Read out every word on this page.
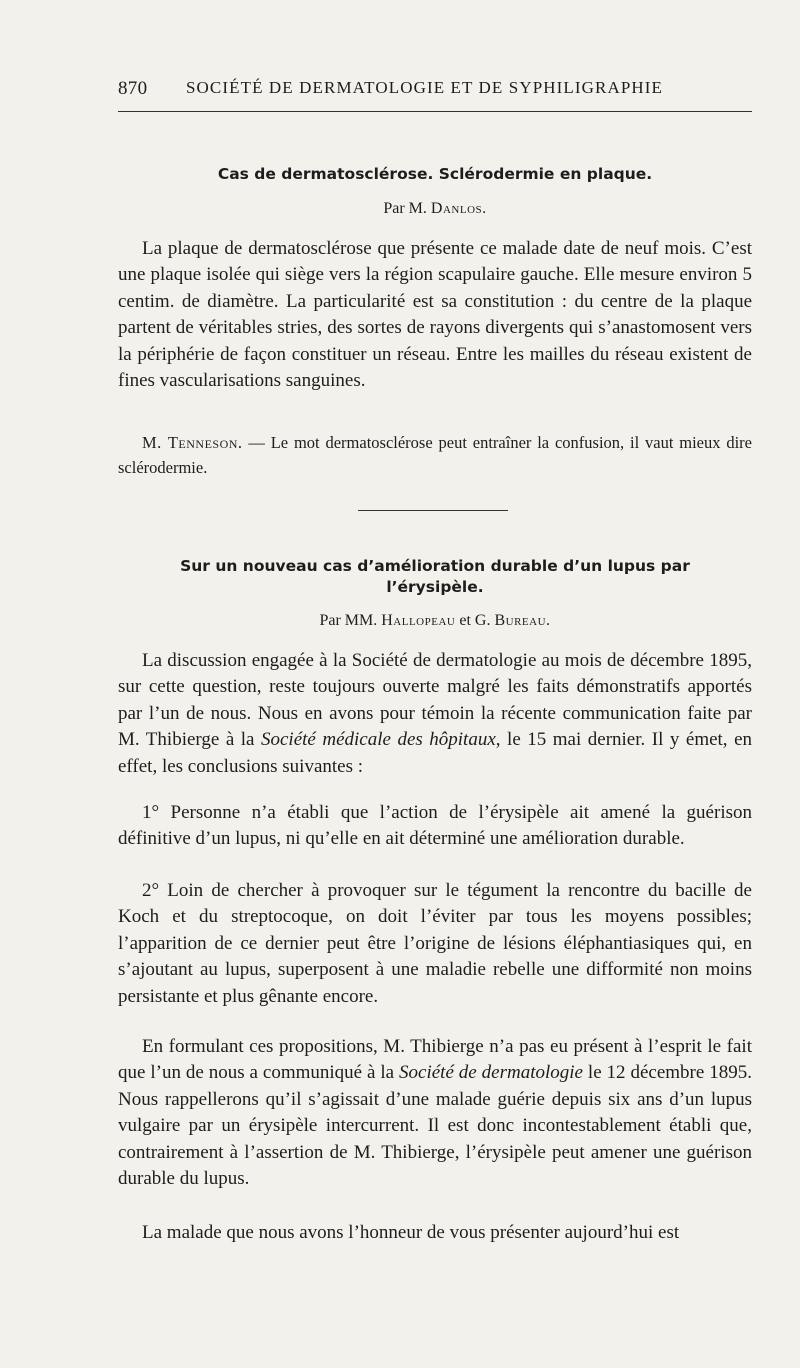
870 SOCIÉTÉ DE DERMATOLOGIE ET DE SYPHILIGRAPHIE
Cas de dermatosclérose. Sclérodermie en plaque.
Par M. Danlos.

La plaque de dermatosclérose que présente ce malade date de neuf mois. C’est une plaque isolée qui siège vers la région scapulaire gauche. Elle mesure environ 5 centim. de diamètre. La particularité est sa constitution : du centre de la plaque partent de véritables stries, des sortes de rayons divergents qui s’anastomosent vers la périphérie de façon constituer un réseau. Entre les mailles du réseau existent de fines vascularisations sanguines.

M. Tenneson. — Le mot dermatosclérose peut entraîner la confusion, il vaut mieux dire sclérodermie.

Sur un nouveau cas d’amélioration durable d’un lupus par
l’érysipèle.
Par MM. Hallopeau et G. Bureau.

La discussion engagée à la Société de dermatologie au mois de décembre 1895, sur cette question, reste toujours ouverte malgré les faits démonstratifs apportés par l’un de nous. Nous en avons pour témoin la récente communication faite par M. Thibierge à la Société médicale des hôpitaux, le 15 mai dernier. Il y émet, en effet, les conclusions suivantes :

1° Personne n’a établi que l’action de l’érysipèle ait amené la guérison définitive d’un lupus, ni qu’elle en ait déterminé une amélioration durable.

2° Loin de chercher à provoquer sur le tégument la rencontre du bacille de Koch et du streptocoque, on doit l’éviter par tous les moyens possibles; l’apparition de ce dernier peut être l’origine de lésions éléphantiasiques qui, en s’ajoutant au lupus, superposent à une maladie rebelle une difformité non moins persistante et plus gênante encore.

En formulant ces propositions, M. Thibierge n’a pas eu présent à l’esprit le fait que l’un de nous a communiqué à la Société de dermatologie le 12 décembre 1895. Nous rappellerons qu’il s’agissait d’une malade guérie depuis six ans d’un lupus vulgaire par un érysipèle intercurrent. Il est donc incontestablement établi que, contrairement à l’assertion de M. Thibierge, l’érysipèle peut amener une guérison durable du lupus.

La malade que nous avons l’honneur de vous présenter aujourd’hui est
